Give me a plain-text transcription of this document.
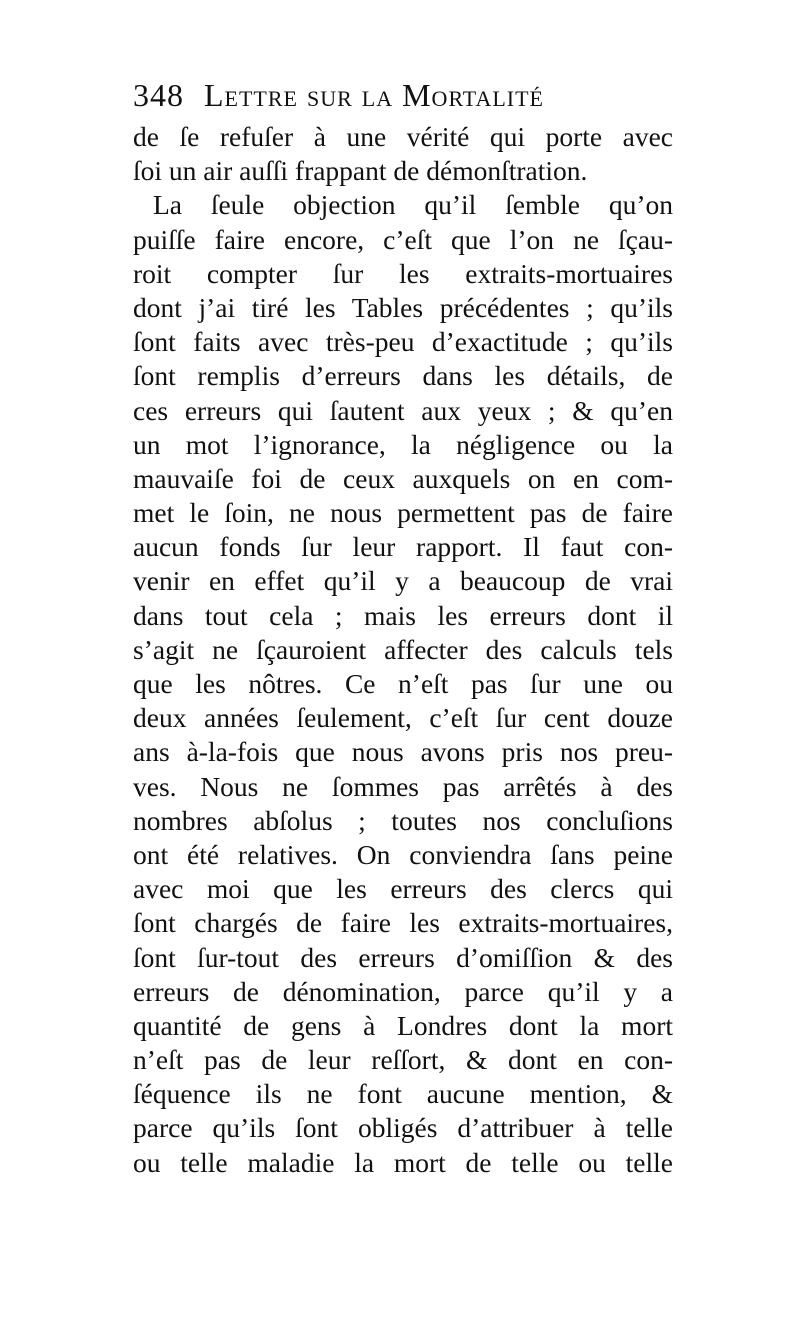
348 Lettre sur la Mortalité
de ſe refuſer à une vérité qui porte avec
ſoi un air auſſi frappant de démonſtration.
La ſeule objection qu’il ſemble qu’on
puiſſe faire encore, c’eſt que l’on ne ſçau-
roit compter ſur les extraits-mortuaires
dont j’ai tiré les Tables précédentes ; qu’ils
ſont faits avec très-peu d’exactitude ; qu’ils
ſont remplis d’erreurs dans les détails, de
ces erreurs qui ſautent aux yeux ; & qu’en
un mot l’ignorance, la négligence ou la
mauvaiſe foi de ceux auxquels on en com-
met le ſoin, ne nous permettent pas de faire
aucun fonds ſur leur rapport. Il faut con-
venir en effet qu’il y a beaucoup de vrai
dans tout cela ; mais les erreurs dont il
s’agit ne ſçauroient affecter des calculs tels
que les nôtres. Ce n’eſt pas ſur une ou
deux années ſeulement, c’eſt ſur cent douze
ans à-la-fois que nous avons pris nos preu-
ves. Nous ne ſommes pas arrêtés à des
nombres abſolus ; toutes nos concluſions
ont été relatives. On conviendra ſans peine
avec moi que les erreurs des clercs qui
ſont chargés de faire les extraits-mortuaires,
ſont ſur-tout des erreurs d’omiſſion & des
erreurs de dénomination, parce qu’il y a
quantité de gens à Londres dont la mort
n’eſt pas de leur reſſort, & dont en con-
ſéquence ils ne font aucune mention, &
parce qu’ils ſont obligés d’attribuer à telle
ou telle maladie la mort de telle ou telle
